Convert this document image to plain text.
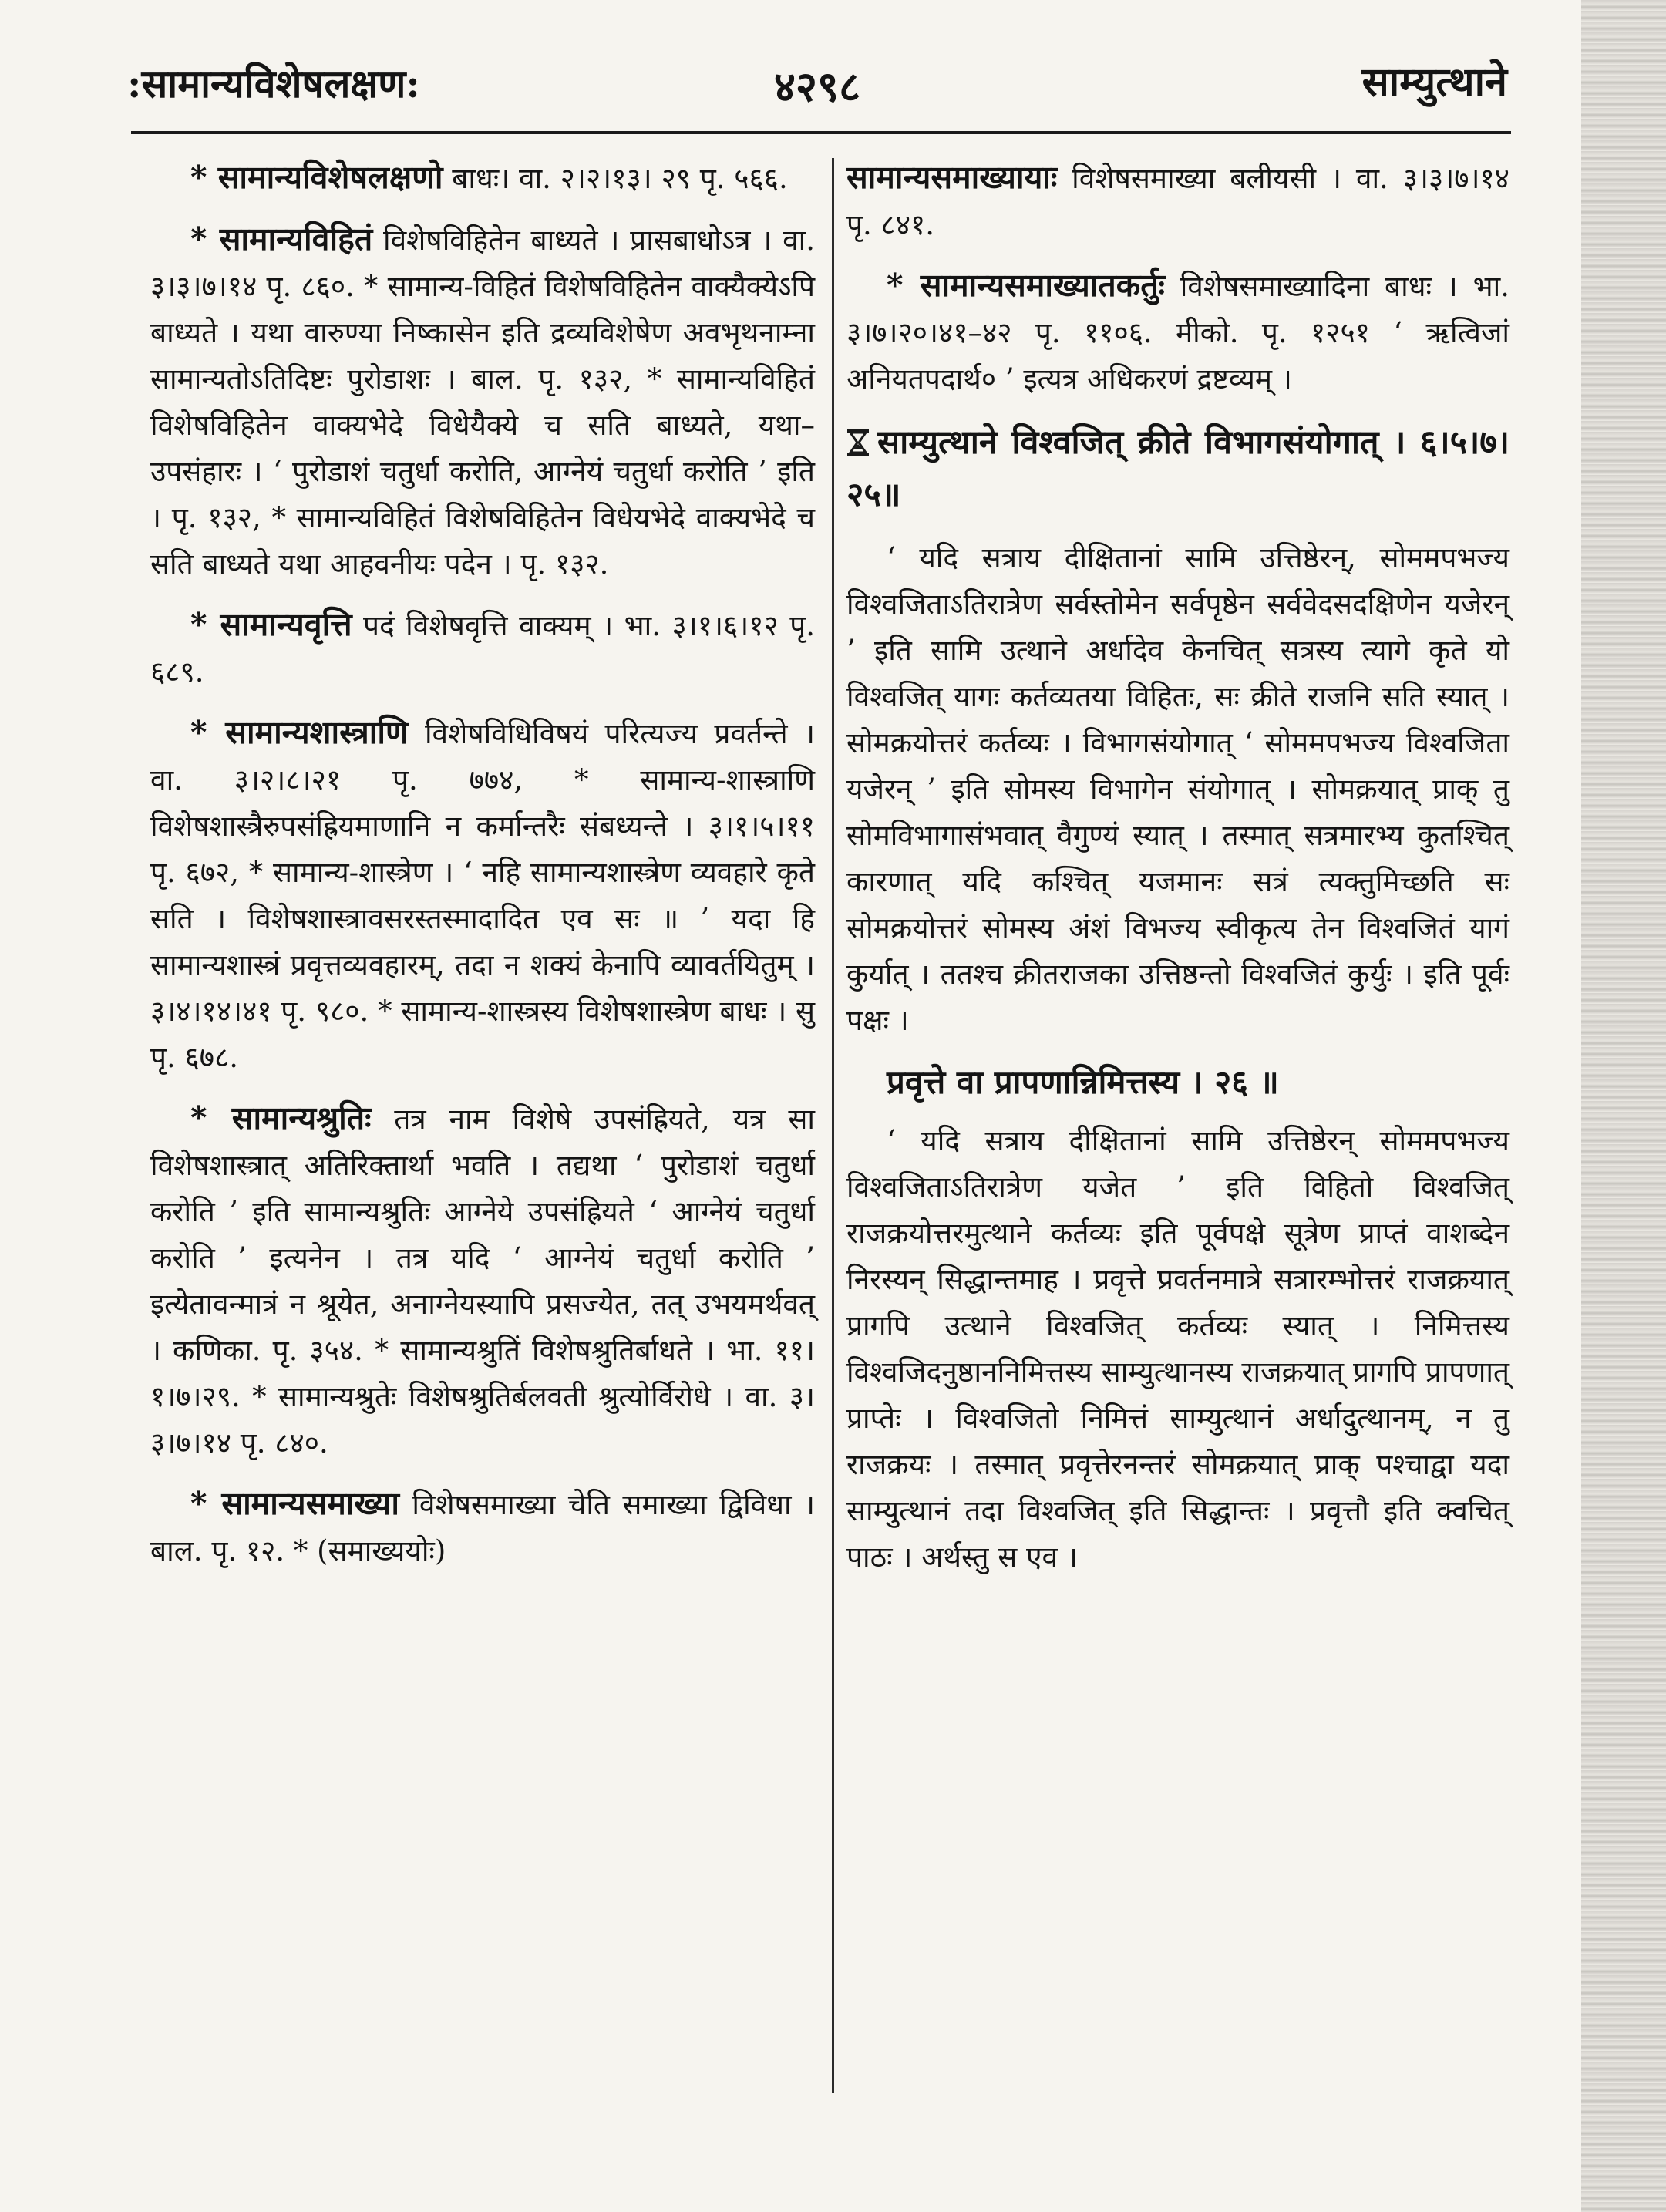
:सामान्यविशेषलक्षण:	४२९८	साम्युत्थाने

* सामान्यविशेषलक्षणो बाधः। वा. २।२।१३। २९ पृ. ५६६.

* सामान्यविहितं विशेषविहितेन बाध्यते । प्रासबाधोऽत्र । वा. ३।३।७।१४ पृ. ८६०. * सामान्य-विहितं विशेषविहितेन वाक्यैक्येऽपि बाध्यते । यथा वारुण्या निष्कासेन इति द्रव्यविशेषेण अवभृथनाम्ना सामान्यतोऽतिदिष्टः पुरोडाशः । बाल. पृ. १३२, * सामान्यविहितं विशेषविहितेन वाक्यभेदे विधेयैक्ये च सति बाध्यते, यथा– उपसंहारः । ‘ पुरोडाशं चतुर्धा करोति, आग्नेयं चतुर्धा करोति ’ इति । पृ. १३२, * सामान्यविहितं विशेषविहितेन विधेयभेदे वाक्यभेदे च सति बाध्यते यथा आहवनीयः पदेन । पृ. १३२.

* सामान्यवृत्ति पदं विशेषवृत्ति वाक्यम् । भा. ३।१।६।१२ पृ. ६८९.

* सामान्यशास्त्राणि विशेषविधिविषयं परित्यज्य प्रवर्तन्ते । वा. ३।२।८।२१ पृ. ७७४, * सामान्य-शास्त्राणि विशेषशास्त्रैरुपसंह्रियमाणानि न कर्मान्तरैः संबध्यन्ते । ३।१।५।११ पृ. ६७२, * सामान्य-शास्त्रेण । ‘ नहि सामान्यशास्त्रेण व्यवहारे कृते सति । विशेषशास्त्रावसरस्तस्मादादित एव सः ॥ ’ यदा हि सामान्यशास्त्रं प्रवृत्तव्यवहारम्, तदा न शक्यं केनापि व्यावर्तयितुम् । ३।४।१४।४१ पृ. ९८०. * सामान्य-शास्त्रस्य विशेषशास्त्रेण बाधः । सु पृ. ६७८.

* सामान्यश्रुतिः तत्र नाम विशेषे उपसंह्रियते, यत्र सा विशेषशास्त्रात् अतिरिक्तार्था भवति । तद्यथा ‘ पुरोडाशं चतुर्धा करोति ’ इति सामान्यश्रुतिः आग्नेये उपसंह्रियते ‘ आग्नेयं चतुर्धा करोति ’ इत्यनेन । तत्र यदि ‘ आग्नेयं चतुर्धा करोति ’ इत्येतावन्मात्रं न श्रूयेत, अनाग्नेयस्यापि प्रसज्येत, तत् उभयमर्थवत् । कणिका. पृ. ३५४. * सामान्यश्रुतिं विशेषश्रुतिर्बाधते । भा. ११।१।७।२९. * सामान्यश्रुतेः विशेषश्रुतिर्बलवती श्रुत्योर्विरोधे । वा. ३।३।७।१४ पृ. ८४०.

* सामान्यसमाख्या विशेषसमाख्या चेति समाख्या द्विविधा । बाल. पृ. १२. * (समाख्ययोः)

सामान्यसमाख्यायाः विशेषसमाख्या बलीयसी । वा. ३।३।७।१४ पृ. ८४१.

* सामान्यसमाख्यातकर्तुः विशेषसमाख्यादिना बाधः । भा. ३।७।२०।४१–४२ पृ. ११०६. मीको. पृ. १२५१ ‘ ऋत्विजां अनियतपदार्थ० ’ इत्यत्र अधिकरणं द्रष्टव्यम् ।

साम्युत्थाने विश्वजित् क्रीते विभागसंयोगात् । ६।५।७।२५॥

‘ यदि सत्राय दीक्षितानां सामि उत्तिष्ठेरन्, सोममपभज्य विश्वजिताऽतिरात्रेण सर्वस्तोमेन सर्वपृष्ठेन सर्ववेदसदक्षिणेन यजेरन् ’ इति सामि उत्थाने अर्धादेव केनचित् सत्रस्य त्यागे कृते यो विश्वजित् यागः कर्तव्यतया विहितः, सः क्रीते राजनि सति स्यात् । सोमक्रयोत्तरं कर्तव्यः । विभागसंयोगात् ‘ सोममपभज्य विश्वजिता यजेरन् ’ इति सोमस्य विभागेन संयोगात् । सोमक्रयात् प्राक् तु सोमविभागासंभवात् वैगुण्यं स्यात् । तस्मात् सत्रमारभ्य कुतश्चित् कारणात् यदि कश्चित् यजमानः सत्रं त्यक्तुमिच्छति सः सोमक्रयोत्तरं सोमस्य अंशं विभज्य स्वीकृत्य तेन विश्वजितं यागं कुर्यात् । ततश्च क्रीतराजका उत्तिष्ठन्तो विश्वजितं कुर्युः । इति पूर्वः पक्षः ।

प्रवृत्ते वा प्रापणान्निमित्तस्य । २६ ॥

‘ यदि सत्राय दीक्षितानां सामि उत्तिष्ठेरन् सोममपभज्य विश्वजिताऽतिरात्रेण यजेत ’ इति विहितो विश्वजित् राजक्रयोत्तरमुत्थाने कर्तव्यः इति पूर्वपक्षे सूत्रेण प्राप्तं वाशब्देन निरस्यन् सिद्धान्तमाह । प्रवृत्ते प्रवर्तनमात्रे सत्रारम्भोत्तरं राजक्रयात् प्रागपि उत्थाने विश्वजित् कर्तव्यः स्यात् । निमित्तस्य विश्वजिदनुष्ठाननिमित्तस्य साम्युत्थानस्य राजक्रयात् प्रागपि प्रापणात् प्राप्तेः । विश्वजितो निमित्तं साम्युत्थानं अर्धादुत्थानम्, न तु राजक्रयः । तस्मात् प्रवृत्तेरनन्तरं सोमक्रयात् प्राक् पश्चाद्वा यदा साम्युत्थानं तदा विश्वजित् इति सिद्धान्तः । प्रवृत्तौ इति क्वचित् पाठः । अर्थस्तु स एव ।
